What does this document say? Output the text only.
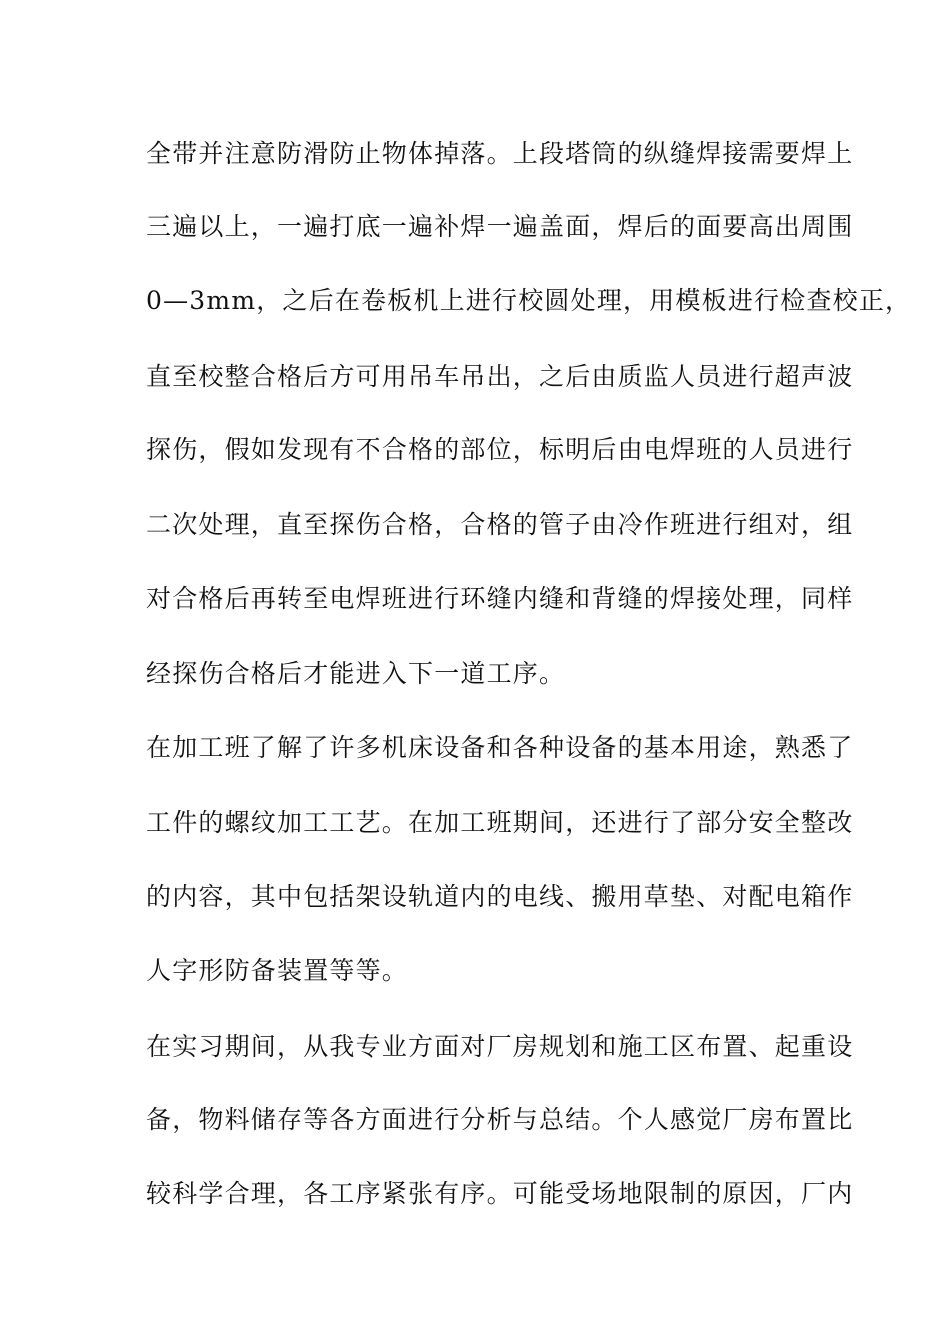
全带并注意防滑防止物体掉落。上段塔筒的纵缝焊接需要焊上
三遍以上，一遍打底一遍补焊一遍盖面，焊后的面要高出周围
0—3mm，之后在卷板机上进行校圆处理，用模板进行检查校正，
直至校整合格后方可用吊车吊出，之后由质监人员进行超声波
探伤，假如发现有不合格的部位，标明后由电焊班的人员进行
二次处理，直至探伤合格，合格的管子由冷作班进行组对，组
对合格后再转至电焊班进行环缝内缝和背缝的焊接处理，同样
经探伤合格后才能进入下一道工序。
在加工班了解了许多机床设备和各种设备的基本用途，熟悉了
工件的螺纹加工工艺。在加工班期间，还进行了部分安全整改
的内容，其中包括架设轨道内的电线、搬用草垫、对配电箱作
人字形防备装置等等。
在实习期间，从我专业方面对厂房规划和施工区布置、起重设
备，物料储存等各方面进行分析与总结。个人感觉厂房布置比
较科学合理，各工序紧张有序。可能受场地限制的原因，厂内
